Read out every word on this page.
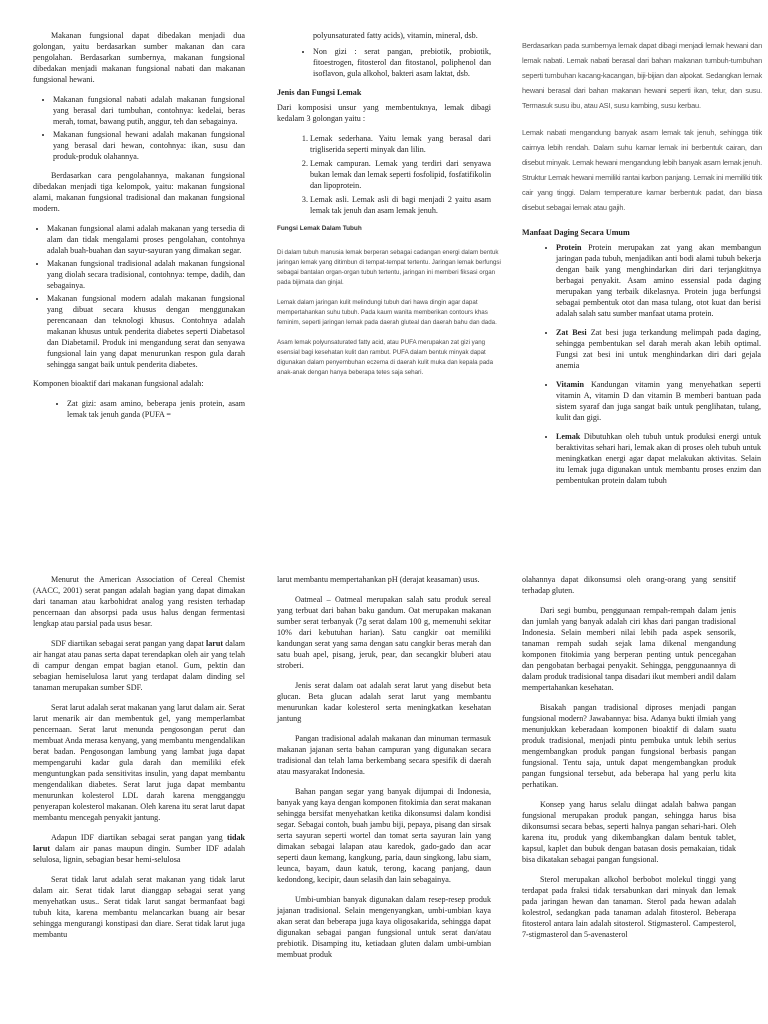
Makanan fungsional dapat dibedakan menjadi dua golongan, yaitu berdasarkan sumber makanan dan cara pengolahan. Berdasarkan sumbernya, makanan fungsional dibedakan menjadi makanan fungsional nabati dan makanan fungsional hewani.

• Makanan fungsional nabati adalah makanan fungsional yang berasal dari tumbuhan, contohnya: kedelai, beras merah, tomat, bawang putih, anggur, teh dan sebagainya.
• Makanan fungsional hewani adalah makanan fungsional yang berasal dari hewan, contohnya: ikan, susu dan produk-produk olahannya.

Berdasarkan cara pengolahannya, makanan fungsional dibedakan menjadi tiga kelompok, yaitu: makanan fungsional alami, makanan fungsional tradisional dan makanan fungsional modern.

• Makanan fungsional alami adalah makanan yang tersedia di alam dan tidak mengalami proses pengolahan, contohnya adalah buah-buahan dan sayur-sayuran yang dimakan segar.
• Makanan fungsional tradisional adalah makanan fungsional yang diolah secara tradisional, contohnya: tempe, dadih, dan sebagainya.
• Makanan fungsional modern adalah makanan fungsional yang dibuat secara khusus dengan menggunakan perencanaan dan teknologi khusus. Contohnya adalah makanan khusus untuk penderita diabetes seperti Diabetasol dan Diabetamil. Produk ini mengandung serat dan senyawa fungsional lain yang dapat menurunkan respon gula darah sehingga sangat baik untuk penderita diabetes.

Komponen bioaktif dari makanan fungsional adalah:

• Zat gizi: asam amino, beberapa jenis protein, asam lemak tak jenuh ganda (PUFA =

polyunsaturated fatty acids), vitamin, mineral, dsb.

• Non gizi : serat pangan, prebiotik, probiotik, fitoestrogen, fitosterol dan fitostanol, poliphenol dan isoflavon, gula alkohol, bakteri asam laktat, dsb.
Jenis dan Fungsi Lemak

Dari komposisi unsur yang membentuknya, lemak dibagi kedalam 3 golongan yaitu :

1. Lemak sederhana. Yaitu lemak yang berasal dari trigliserida seperti minyak dan lilin.
2. Lemak campuran. Lemak yang terdiri dari senyawa bukan lemak dan lemak seperti fosfolipid, fosfatifikolin dan lipoprotein.
3. Lemak asli. Lemak asli di bagi menjadi 2 yaitu asam lemak tak jenuh dan asam lemak jenuh.
Fungsi Lemak Dalam Tubuh

Di dalam tubuh manusia lemak berperan sebagai cadangan energi dalam bentuk jaringan lemak yang ditimbun di tempat-tempat tertentu. Jaringan lemak berfungsi sebagai bantalan organ-organ tubuh tertentu, jaringan ini memberi fiksasi organ pada bijimata dan ginjal.

Lemak dalam jaringan kulit melindungi tubuh dari hawa dingin agar dapat mempertahankan suhu tubuh. Pada kaum wanita memberikan contours khas feminim, seperti jaringan lemak pada daerah gluteal dan daerah bahu dan dada.

Asam lemak polyunsaturated fatty acid, atau PUFA merupakan zat gizi yang esensial bagi kesehatan kulit dan rambut. PUFA dalam bentuk minyak dapat digunakan dalam penyembuhan eczema di daerah kulit muka dan kepala pada anak-anak dengan hanya beberapa tetes saja sehari.

Berdasarkan pada sumbernya lemak dapat dibagi menjadi lemak hewani dan lemak nabati. Lemak nabati berasal dari bahan makanan tumbuh-tumbuhan seperti tumbuhan kacang-kacangan, biji-bijian dan alpokat. Sedangkan lemak hewani berasal dari bahan makanan hewani seperti ikan, telur, dan susu. Termasuk susu ibu, atau ASI, susu kambing, susu kerbau.

Lemak nabati mengandung banyak asam lemak tak jenuh, sehingga titik cairnya lebih rendah. Dalam suhu kamar lemak ini berbentuk cairan, dan disebut minyak. Lemak hewani mengandung lebih banyak asam lemak jenuh. Struktur Lemak hewani memiliki rantai karbon panjang. Lemak ini memiliki titik cair yang tinggi. Dalam temperature kamar berbentuk padat, dan biasa disebut sebagai lemak atau gajih.

Manfaat Daging Secara Umum
• Protein Protein merupakan zat yang akan membangun jaringan pada tubuh, menjadikan anti bodi alami tubuh bekerja dengan baik yang menghindarkan diri dari terjangkitnya berbagai penyakit. Asam amino essensial pada daging merupakan yang terbaik dikelasnya. Protein juga berfungsi sebagai pembentuk otot dan masa tulang, otot kuat dan berisi adalah salah satu sumber manfaat utama protein.
• Zat Besi Zat besi juga terkandung melimpah pada daging, sehingga pembentukan sel darah merah akan lebih optimal. Fungsi zat besi ini untuk menghindarkan diri dari gejala anemia
• Vitamin Kandungan vitamin yang menyehatkan seperti vitamin A, vitamin D dan vitamin B memberi bantuan pada sistem syaraf dan juga sangat baik untuk penglihatan, tulang, kulit dan gigi.
• Lemak Dibutuhkan oleh tubuh untuk produksi energi untuk beraktivitas sehari hari, lemak akan di proses oleh tubuh untuk meningkatkan energi agar dapat melakukan aktivitas. Selain itu lemak juga digunakan untuk membantu proses enzim dan pembentukan protein dalam tubuh

Menurut the American Association of Cereal Chemist (AACC, 2001) serat pangan adalah bagian yang dapat dimakan dari tanaman atau karbohidrat analog yang resisten terhadap pencernaan dan absorpsi pada usus halus dengan fermentasi lengkap atau parsial pada usus besar.

SDF diartikan sebagai serat pangan yang dapat larut dalam air hangat atau panas serta dapat terendapkan oleh air yang telah di campur dengan empat bagian etanol. Gum, pektin dan sebagian hemiselulosa larut yang terdapat dalam dinding sel tanaman merupakan sumber SDF.

Serat larut adalah serat makanan yang larut dalam air. Serat larut menarik air dan membentuk gel, yang memperlambat pencernaan. Serat larut menunda pengosongan perut dan membuat Anda merasa kenyang, yang membantu mengendalikan berat badan. Pengosongan lambung yang lambat juga dapat mempengaruhi kadar gula darah dan memiliki efek menguntungkan pada sensitivitas insulin, yang dapat membantu mengendalikan diabetes. Serat larut juga dapat membantu menurunkan kolesterol LDL darah karena mengganggu penyerapan kolesterol makanan. Oleh karena itu serat larut dapat membantu mencegah penyakit jantung.

Adapun IDF diartikan sebagai serat pangan yang tidak larut dalam air panas maupun dingin. Sumber IDF adalah selulosa, lignin, sebagian besar hemi-selulosa

Serat tidak larut adalah serat makanan yang tidak larut dalam air. Serat tidak larut dianggap sebagai serat yang menyehatkan usus.. Serat tidak larut sangat bermanfaat bagi tubuh kita, karena membantu melancarkan buang air besar sehingga mengurangi konstipasi dan diare. Serat tidak larut juga membantu

larut membantu mempertahankan pH (derajat keasaman) usus.

Oatmeal – Oatmeal merupakan salah satu produk sereal yang terbuat dari bahan baku gandum. Oat merupakan makanan sumber serat terbanyak (7g serat dalam 100 g, memenuhi sekitar 10% dari kebutuhan harian). Satu cangkir oat memiliki kandungan serat yang sama dengan satu cangkir beras merah dan satu buah apel, pisang, jeruk, pear, dan secangkir bluberi atau stroberi.

Jenis serat dalam oat adalah serat larut yang disebut beta glucan. Beta glucan adalah serat larut yang membantu menurunkan kadar kolesterol serta meningkatkan kesehatan jantung

Pangan tradisional adalah makanan dan minuman termasuk makanan jajanan serta bahan campuran yang digunakan secara tradisional dan telah lama berkembang secara spesifik di daerah atau masyarakat Indonesia.

Bahan pangan segar yang banyak dijumpai di Indonesia, banyak yang kaya dengan komponen fitokimia dan serat makanan sehingga bersifat menyehatkan ketika dikonsumsi dalam kondisi segar. Sebagai contoh, buah jambu biji, pepaya, pisang dan sirsak serta sayuran seperti wortel dan tomat serta sayuran lain yang dimakan sebagai lalapan atau karedok, gado-gado dan acar seperti daun kemang, kangkung, paria, daun singkong, labu siam, leunca, bayam, daun katuk, terong, kacang panjang, daun kedondong, kecipir, daun selasih dan lain sebagainya.

Umbi-umbian banyak digunakan dalam resep-resep produk jajanan tradisional. Selain mengenyangkan, umbi-umbian kaya akan serat dan beberapa juga kaya oligosakarida, sehingga dapat digunakan sebagai pangan fungsional untuk serat dan/atau prebiotik. Disamping itu, ketiadaan gluten dalam umbi-umbian membuat produk

olahannya dapat dikonsumsi oleh orang-orang yang sensitif terhadap gluten.

Dari segi bumbu, penggunaan rempah-rempah dalam jenis dan jumlah yang banyak adalah ciri khas dari pangan tradisional Indonesia. Selain memberi nilai lebih pada aspek sensorik, tanaman rempah sudah sejak lama dikenal mengandung komponen fitokimia yang berperan penting untuk pencegahan dan pengobatan berbagai penyakit. Sehingga, penggunaannya di dalam produk tradisional tanpa disadari ikut memberi andil dalam mempertahankan kesehatan.

Bisakah pangan tradisional diproses menjadi pangan fungsional modern? Jawabannya: bisa. Adanya bukti ilmiah yang menunjukkan keberadaan komponen bioaktif di dalam suatu produk tradisional, menjadi pintu pembuka untuk lebih serius mengembangkan produk pangan fungsional berbasis pangan fungsional. Tentu saja, untuk dapat mengembangkan produk pangan fungsional tersebut, ada beberapa hal yang perlu kita perhatikan.

Konsep yang harus selalu diingat adalah bahwa pangan fungsional merupakan produk pangan, sehingga harus bisa dikonsumsi secara bebas, seperti halnya pangan sehari-hari. Oleh karena itu, produk yang dikembangkan dalam bentuk tablet, kapsul, kaplet dan bubuk dengan batasan dosis pemakaian, tidak bisa dikatakan sebagai pangan fungsional.

Sterol merupakan alkohol berbobot molekul tinggi yang terdapat pada fraksi tidak tersabunkan dari minyak dan lemak pada jaringan hewan dan tanaman. Sterol pada hewan adalah kolestrol, sedangkan pada tanaman adalah fitosterol. Beberapa fitosterol antara lain adalah sitosterol. Stigmasterol. Campesterol, 7-stigmasterol dan 5-avenasterol
